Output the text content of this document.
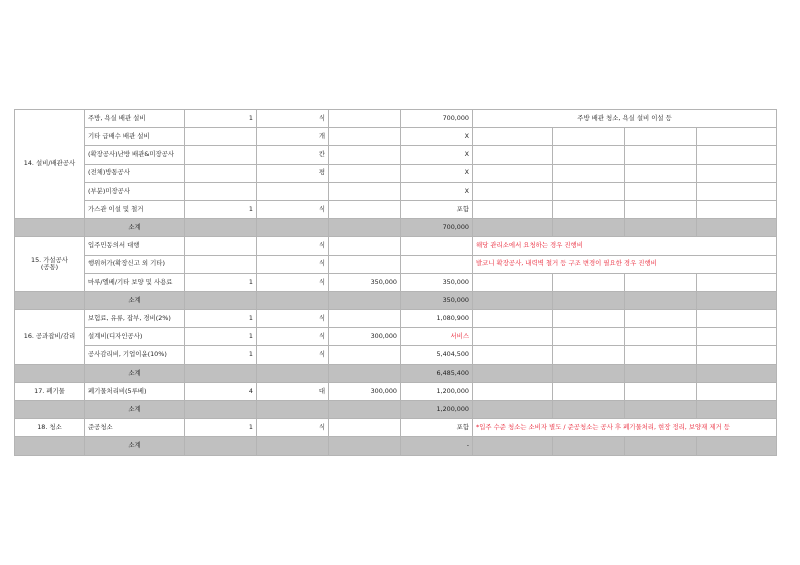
14. 설비/배관공사	주방, 욕실 배관 설비	1	식		700,000	주방 배관 청소, 욕실 설비 이설 등			
	기타 급배수 배관 설비		개		X				
	(확장공사)난방 배관&미장공사		칸		X				
	(전체)방통공사		평		X				
	(부분)미장공사				X				
	가스관 이설 및 철거	1	식		포함				
	소계				700,000				
15. 가설공사
(공통)	입주민동의서 대행		식			해당 관리소에서 요청하는 경우 진행비			
	행위허가(확장신고 외 기타)		식			발코니 확장공사, 내력벽 철거 등 구조 변경이 필요한 경우 진행비			
	마루/엘베/기타 보양 및 사용료	1	식	350,000	350,000				
	소계				350,000				
16. 공과잡비/감리	보험료, 유류, 잡부, 경비(2%)	1	식		1,080,900				
	설계비(디자인공사)	1	식	300,000	서비스				
	공사감리비, 기업이윤(10%)	1	식		5,404,500				
	소계				6,485,400				
17. 폐기물	폐기물처리비(5루베)	4	대	300,000	1,200,000				
	소계				1,200,000				
18. 청소	준공청소	1	식		포함	*입주 수준 청소는 소비자 별도 / 준공청소는 공사 후 폐기물처리, 현장 정리, 보양재 제거 등			
	소계				-				
